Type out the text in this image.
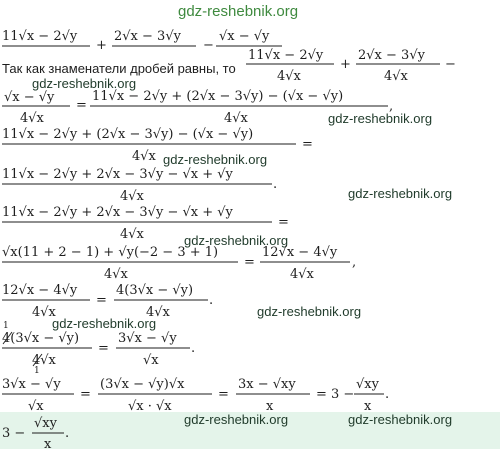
gdz-reshebnik.org
gdz-reshebnik.org
gdz-reshebnik.org
gdz-reshebnik.org
gdz-reshebnik.org
gdz-reshebnik.org
gdz-reshebnik.org
gdz-reshebnik.org
gdz-reshebnik.org	gdz-reshebnik.org
Так как знаменатели дробей равны, то
11√x − 2√y
+
2√x − 3√y
−
√x − √y
11√x − 2√y
4√x
+
2√x − 3√y
4√x
−
√x − √y
4√x
=
11√x − 2√y + (2√x − 3√y) − (√x − √y)
4√x
,
11√x − 2√y + (2√x − 3√y) − (√x − √y)
4√x
=
11√x − 2√y + 2√x − 3√y − √x + √y
4√x
.
11√x − 2√y + 2√x − 3√y − √x + √y
4√x
=
√x(11 + 2 − 1) + √y(−2 − 3 + 1)
4√x
=
12√x − 4√y
4√x
,
12√x − 4√y
4√x
=
4(3√x − √y)
4√x
.
1
4(3√x − √y)
4√x
1
=
3√x − √y
√x
.
3√x − √y
√x
=
(3√x − √y)√x
√x · √x
=
3x − √xy
x
= 3 −
√xy
x
.
3 −
√xy
x
.
